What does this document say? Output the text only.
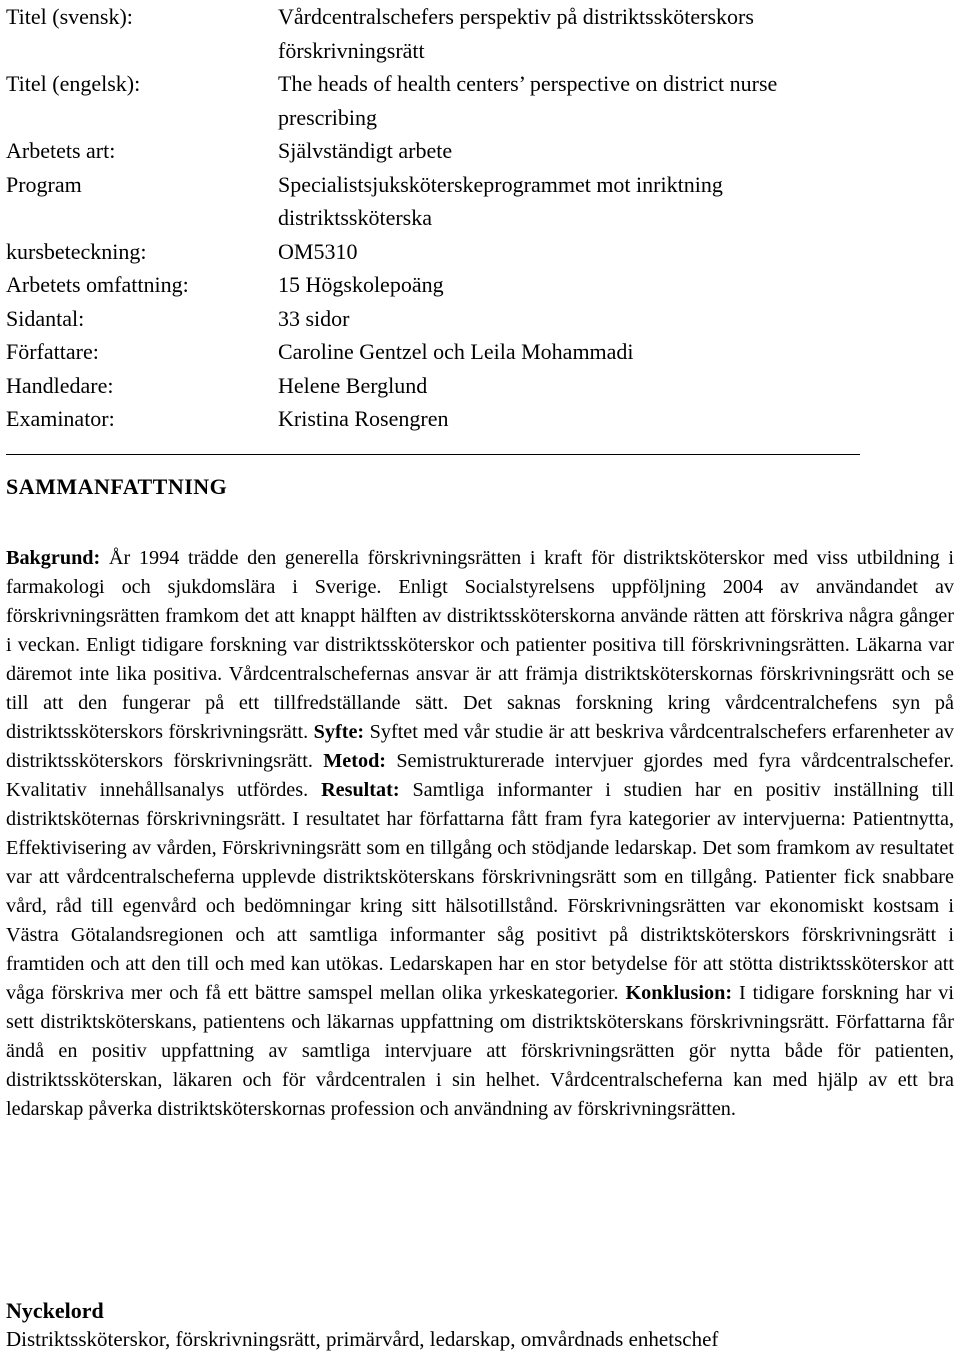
Titel (svensk):	Vårdcentralschefers perspektiv på distriktssköterskors
förskrivningsrätt
Titel (engelsk):	The heads of health centers’ perspective on district nurse
prescribing
Arbetets art:	Självständigt arbete
Program	Specialistsjuksköterskeprogrammet mot inriktning
distriktssköterska
kursbeteckning:	OM5310
Arbetets omfattning:	15 Högskolepoäng
Sidantal:	33 sidor
Författare:	Caroline Gentzel och Leila Mohammadi
Handledare:	Helene Berglund
Examinator:	Kristina Rosengren
SAMMANFATTNING

Bakgrund: År 1994 trädde den generella förskrivningsrätten i kraft för distriktsköterskor med viss utbildning i farmakologi och sjukdomslära i Sverige. Enligt Socialstyrelsens uppföljning 2004 av användandet av förskrivningsrätten framkom det att knappt hälften av distriktssköterskorna använde rätten att förskriva några gånger i veckan. Enligt tidigare forskning var distriktssköterskor och patienter positiva till förskrivningsrätten. Läkarna var däremot inte lika positiva. Vårdcentralschefernas ansvar är att främja distriktsköterskornas förskrivningsrätt och se till att den fungerar på ett tillfredställande sätt. Det saknas forskning kring vårdcentralchefens syn på distriktssköterskors förskrivningsrätt. Syfte: Syftet med vår studie är att beskriva vårdcentralschefers erfarenheter av distriktssköterskors förskrivningsrätt. Metod: Semistrukturerade intervjuer gjordes med fyra vårdcentralschefer. Kvalitativ innehållsanalys utfördes. Resultat: Samtliga informanter i studien har en positiv inställning till distriktsköternas förskrivningsrätt. I resultatet har författarna fått fram fyra kategorier av intervjuerna: Patientnytta, Effektivisering av vården, Förskrivningsrätt som en tillgång och stödjande ledarskap. Det som framkom av resultatet var att vårdcentralscheferna upplevde distriktsköterskans förskrivningsrätt som en tillgång. Patienter fick snabbare vård, råd till egenvård och bedömningar kring sitt hälsotillstånd. Förskrivningsrätten var ekonomiskt kostsam i Västra Götalandsregionen och att samtliga informanter såg positivt på distriktsköterskors förskrivningsrätt i framtiden och att den till och med kan utökas. Ledarskapen har en stor betydelse för att stötta distriktssköterskor att våga förskriva mer och få ett bättre samspel mellan olika yrkeskategorier. Konklusion: I tidigare forskning har vi sett distriktsköterskans, patientens och läkarnas uppfattning om distriktsköterskans förskrivningsrätt. Författarna får ändå en positiv uppfattning av samtliga intervjuare att förskrivningsrätten gör nytta både för patienten, distriktssköterskan, läkaren och för vårdcentralen i sin helhet. Vårdcentralscheferna kan med hjälp av ett bra ledarskap påverka distriktsköterskornas profession och användning av förskrivningsrätten.

Nyckelord

Distriktssköterskor, förskrivningsrätt, primärvård, ledarskap, omvårdnads enhetschef
